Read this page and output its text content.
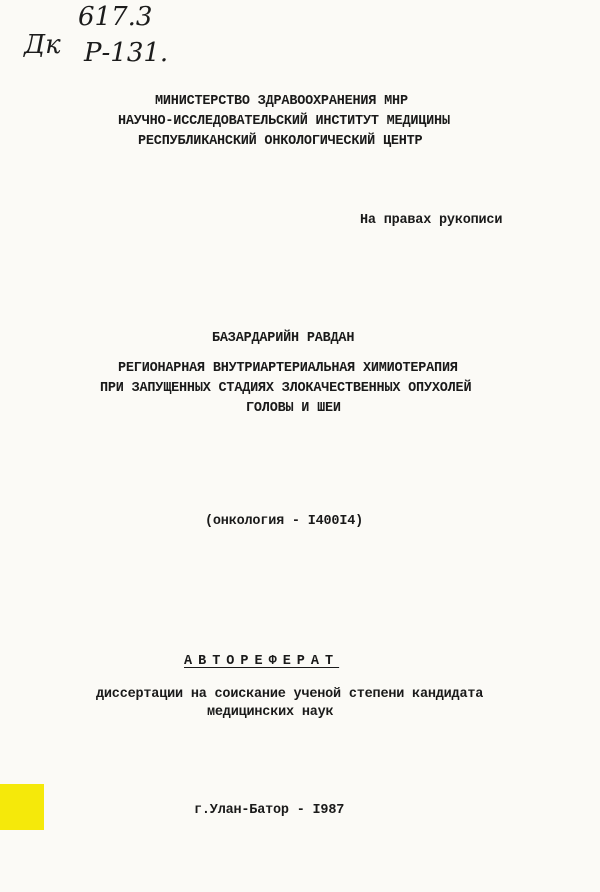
Дк
617.3
Р-131.
МИНИСТЕРСТВО ЗДРАВООХРАНЕНИЯ МНР
НАУЧНО-ИССЛЕДОВАТЕЛЬСКИЙ ИНСТИТУТ МЕДИЦИНЫ
РЕСПУБЛИКАНСКИЙ ОНКОЛОГИЧЕСКИЙ ЦЕНТР
На правах рукописи
БАЗАРДАРИЙН РАВДАН
РЕГИОНАРНАЯ ВНУТРИАРТЕРИАЛЬНАЯ ХИМИОТЕРАПИЯ
ПРИ ЗАПУЩЕННЫХ СТАДИЯХ ЗЛОКАЧЕСТВЕННЫХ ОПУХОЛЕЙ
ГОЛОВЫ И ШЕИ
(онкология - I400I4)
АВТОРЕФЕРАТ
диссертации на соискание ученой степени кандидата
медицинских наук
г.Улан-Батор - I987
